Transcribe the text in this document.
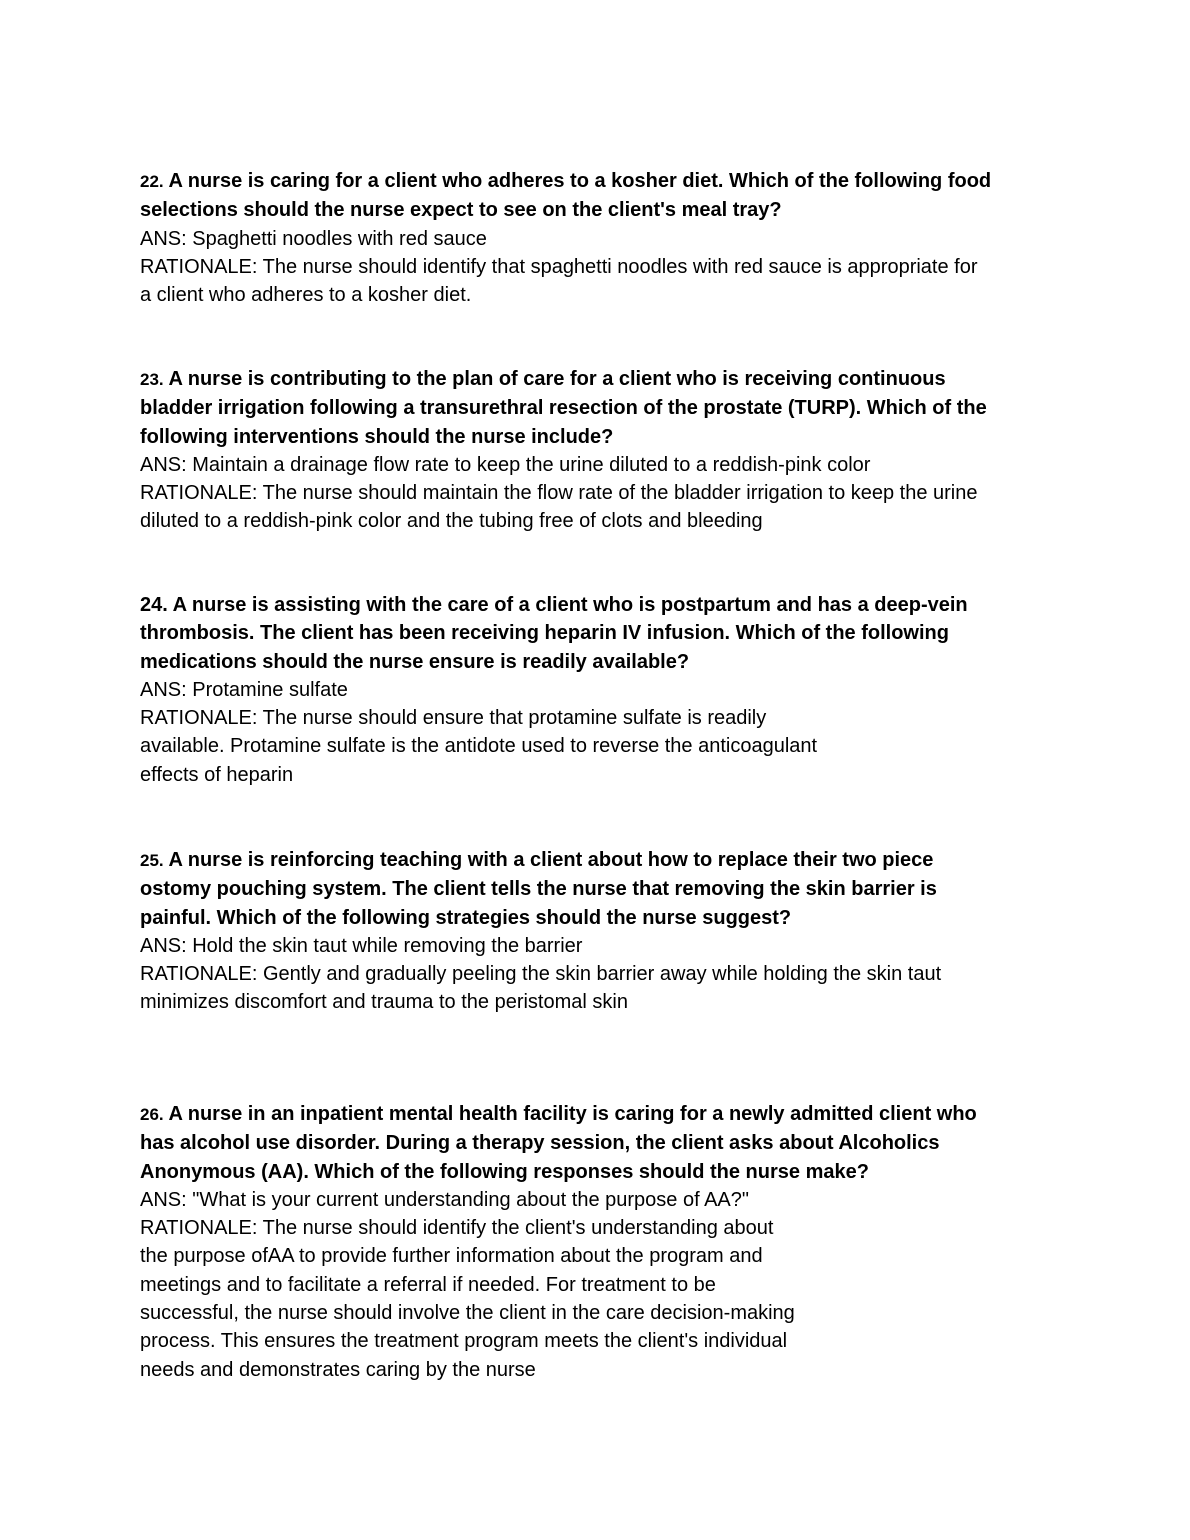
22. A nurse is caring for a client who adheres to a kosher diet. Which of the following food
selections should the nurse expect to see on the client's meal tray?
ANS: Spaghetti noodles with red sauce
RATIONALE: The nurse should identify that spaghetti noodles with red sauce is appropriate for
a client who adheres to a kosher diet.
23. A nurse is contributing to the plan of care for a client who is receiving continuous
bladder irrigation following a transurethral resection of the prostate (TURP). Which of the
following interventions should the nurse include?
ANS: Maintain a drainage flow rate to keep the urine diluted to a reddish-pink color
RATIONALE: The nurse should maintain the flow rate of the bladder irrigation to keep the urine
diluted to a reddish-pink color and the tubing free of clots and bleeding
24. A nurse is assisting with the care of a client who is postpartum and has a deep-vein
thrombosis. The client has been receiving heparin IV infusion. Which of the following
medications should the nurse ensure is readily available?
ANS: Protamine sulfate
RATIONALE: The nurse should ensure that protamine sulfate is readily
available. Protamine sulfate is the antidote used to reverse the anticoagulant
effects of heparin
25. A nurse is reinforcing teaching with a client about how to replace their two piece
ostomy pouching system. The client tells the nurse that removing the skin barrier is
painful. Which of the following strategies should the nurse suggest?
ANS: Hold the skin taut while removing the barrier
RATIONALE: Gently and gradually peeling the skin barrier away while holding the skin taut
minimizes discomfort and trauma to the peristomal skin
26. A nurse in an inpatient mental health facility is caring for a newly admitted client who
has alcohol use disorder. During a therapy session, the client asks about Alcoholics
Anonymous (AA). Which of the following responses should the nurse make?
ANS: "What is your current understanding about the purpose of AA?"
RATIONALE: The nurse should identify the client's understanding about
the purpose ofAA to provide further information about the program and
meetings and to facilitate a referral if needed. For treatment to be
successful, the nurse should involve the client in the care decision-making
process. This ensures the treatment program meets the client's individual
needs and demonstrates caring by the nurse
